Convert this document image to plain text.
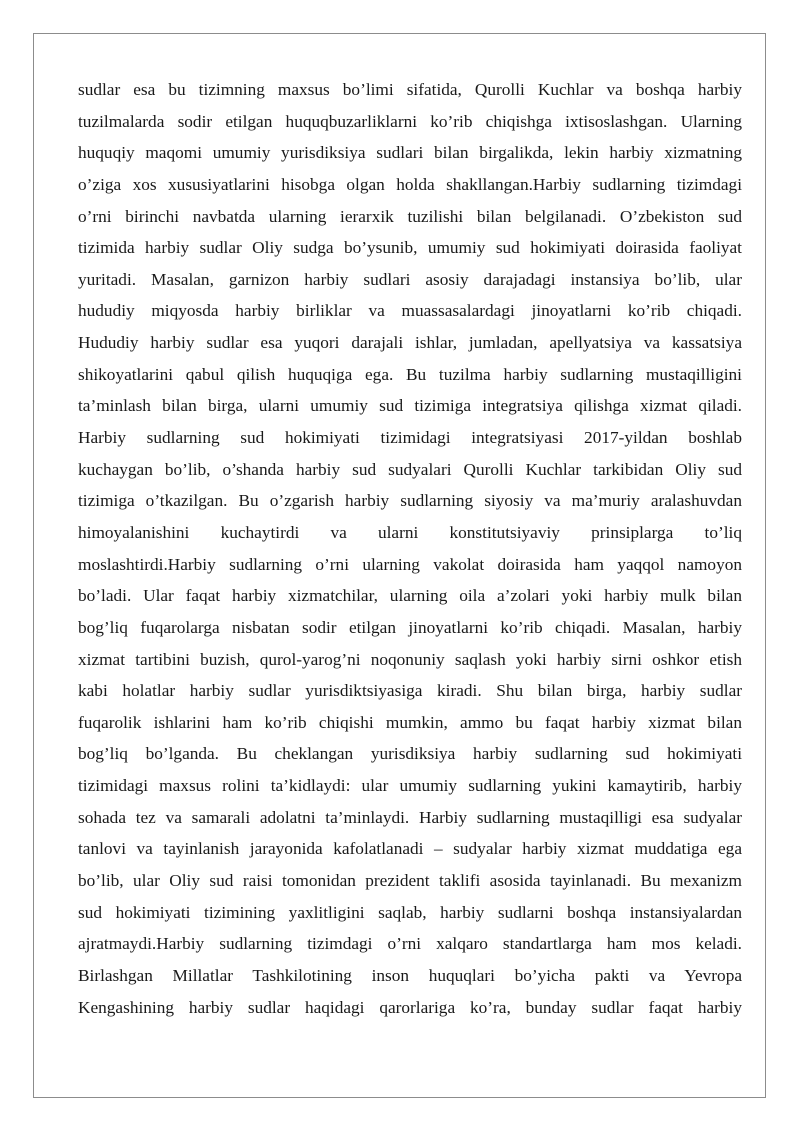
sudlar esa bu tizimning maxsus bo’limi sifatida, Qurolli Kuchlar va boshqa harbiy
tuzilmalarda sodir etilgan huquqbuzarliklarni ko’rib chiqishga ixtisoslashgan. Ularning
huquqiy maqomi umumiy yurisdiksiya sudlari bilan birgalikda, lekin harbiy xizmatning
o’ziga xos xususiyatlarini hisobga olgan holda shakllangan.Harbiy sudlarning tizimdagi
o’rni birinchi navbatda ularning ierarxik tuzilishi bilan belgilanadi. O’zbekiston sud
tizimida harbiy sudlar Oliy sudga bo’ysunib, umumiy sud hokimiyati doirasida faoliyat
yuritadi. Masalan, garnizon harbiy sudlari asosiy darajadagi instansiya bo’lib, ular
hududiy miqyosda harbiy birliklar va muassasalardagi jinoyatlarni ko’rib chiqadi.
Hududiy harbiy sudlar esa yuqori darajali ishlar, jumladan, apellyatsiya va kassatsiya
shikoyatlarini qabul qilish huquqiga ega. Bu tuzilma harbiy sudlarning mustaqilligini
ta’minlash bilan birga, ularni umumiy sud tizimiga integratsiya qilishga xizmat qiladi.
Harbiy sudlarning sud hokimiyati tizimidagi integratsiyasi 2017-yildan boshlab
kuchaygan bo’lib, o’shanda harbiy sud sudyalari Qurolli Kuchlar tarkibidan Oliy sud
tizimiga o’tkazilgan. Bu o’zgarish harbiy sudlarning siyosiy va ma’muriy aralashuvdan
himoyalanishini kuchaytirdi va ularni konstitutsiyaviy prinsiplarga to’liq
moslashtirdi.Harbiy sudlarning o’rni ularning vakolat doirasida ham yaqqol namoyon
bo’ladi. Ular faqat harbiy xizmatchilar, ularning oila a’zolari yoki harbiy mulk bilan
bog’liq fuqarolarga nisbatan sodir etilgan jinoyatlarni ko’rib chiqadi. Masalan, harbiy
xizmat tartibini buzish, qurol-yarog’ni noqonuniy saqlash yoki harbiy sirni oshkor etish
kabi holatlar harbiy sudlar yurisdiktsiyasiga kiradi. Shu bilan birga, harbiy sudlar
fuqarolik ishlarini ham ko’rib chiqishi mumkin, ammo bu faqat harbiy xizmat bilan
bog’liq bo’lganda. Bu cheklangan yurisdiksiya harbiy sudlarning sud hokimiyati
tizimidagi maxsus rolini ta’kidlaydi: ular umumiy sudlarning yukini kamaytirib, harbiy
sohada tez va samarali adolatni ta’minlaydi. Harbiy sudlarning mustaqilligi esa sudyalar
tanlovi va tayinlanish jarayonida kafolatlanadi – sudyalar harbiy xizmat muddatiga ega
bo’lib, ular Oliy sud raisi tomonidan prezident taklifi asosida tayinlanadi. Bu mexanizm
sud hokimiyati tizimining yaxlitligini saqlab, harbiy sudlarni boshqa instansiyalardan
ajratmaydi.Harbiy sudlarning tizimdagi o’rni xalqaro standartlarga ham mos keladi.
Birlashgan Millatlar Tashkilotining inson huquqlari bo’yicha pakti va Yevropa
Kengashining harbiy sudlar haqidagi qarorlariga ko’ra, bunday sudlar faqat harbiy
